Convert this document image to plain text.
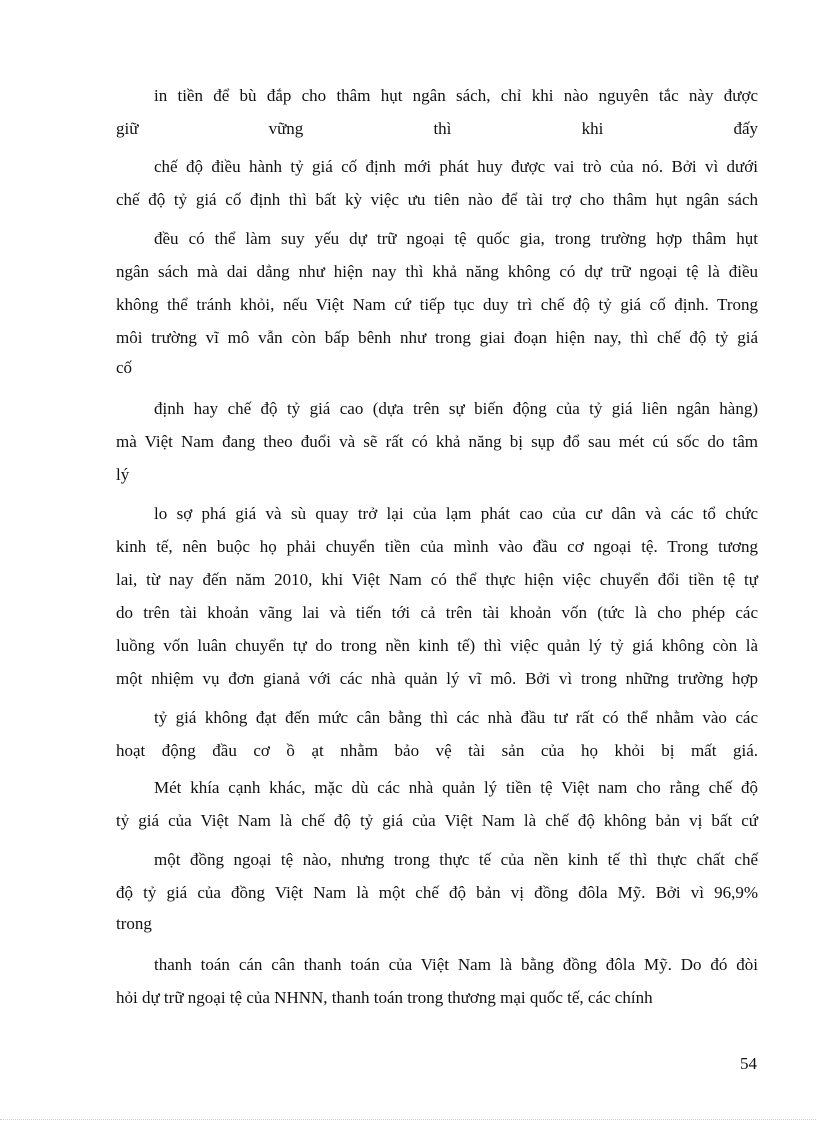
in tiền để bù đắp cho thâm hụt ngân sách, chỉ khi nào nguyên tắc này được
giữ vững thì khi đấy
chế độ điều hành tỷ giá cố định mới phát huy được vai trò của nó. Bởi vì dưới
chế độ tỷ giá cố định thì bất kỳ việc ưu tiên nào để tài trợ cho thâm hụt ngân sách
đều có thể làm suy yếu dự trữ ngoại tệ quốc gia, trong trường hợp thâm hụt
ngân sách mà dai dẳng như hiện nay thì khả năng không có dự trữ ngoại tệ là điều
không thể tránh khỏi, nếu Việt Nam cứ tiếp tục duy trì chế độ tỷ giá cố định. Trong
môi trường vĩ mô vẫn còn bấp bênh như trong giai đoạn hiện nay, thì chế độ tỷ giá
cố
định hay chế độ tỷ giá cao (dựa trên sự biến động của tỷ giá liên ngân hàng)
mà Việt Nam đang theo đuổi và sẽ rất có khả năng bị sụp đổ sau mét cú sốc do tâm
lý
lo sợ phá giá và sù quay trở lại của lạm phát cao của cư dân và các tổ chức
kinh tế, nên buộc họ phải chuyển tiền của mình vào đầu cơ ngoại tệ. Trong tương
lai, từ nay đến năm 2010, khi Việt Nam có thể thực hiện việc chuyển đổi tiền tệ tự
do trên tài khoản vãng lai và tiến tới cả trên tài khoản vốn (tức là cho phép các
luồng vốn luân chuyển tự do trong nền kinh tế) thì việc quản lý tỷ giá không còn là
một nhiệm vụ đơn gianả với các nhà quản lý vĩ mô. Bởi vì trong những trường hợp
tỷ giá không đạt đến mức cân bằng thì các nhà đầu tư rất có thể nhằm vào các
hoạt động đầu cơ ồ ạt nhằm bảo vệ tài sản của họ khỏi bị mất giá.
Mét khía cạnh khác, mặc dù các nhà quản lý tiền tệ Việt nam cho rằng chế độ
tỷ giá của Việt Nam là chế độ tỷ giá của Việt Nam là chế độ không bản vị bất cứ
một đồng ngoại tệ nào, nhưng trong thực tế của nền kinh tế thì thực chất chế
độ tỷ giá của đồng Việt Nam là một chế độ bản vị đồng đôla Mỹ. Bởi vì 96,9%
trong
thanh toán cán cân thanh toán của Việt Nam là bằng đồng đôla Mỹ. Do đó đòi
hỏi dự trữ ngoại tệ của NHNN, thanh toán trong thương mại quốc tế, các chính
54
